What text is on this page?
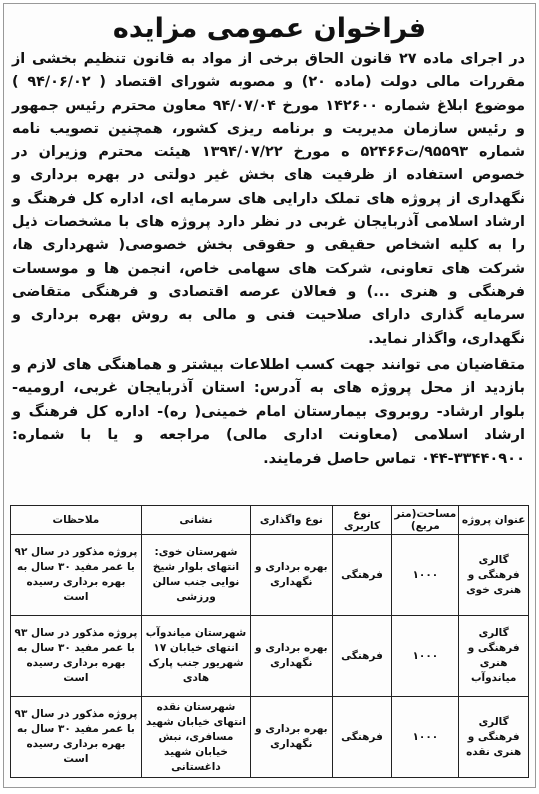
فراخوان عمومی مزایده

در اجرای ماده ۲۷ قانون الحاق برخی از مواد به قانون تنظیم بخشی از مقررات مالی دولت (ماده ۲۰) و مصوبه شورای اقتصاد ( ۹۴/۰۶/۰۲ ) موضوع ابلاغ شماره ۱۴۲۶۰۰ مورخ ۹۴/۰۷/۰۴ معاون محترم رئیس جمهور و رئیس سازمان مدیریت و برنامه ریزی کشور، همچنین تصویب نامه شماره ۹۵۵۹۳/ت۵۲۴۶۶ ه مورخ ۱۳۹۴/۰۷/۲۲ هیئت محترم وزیران در خصوص استفاده از ظرفیت های بخش غیر دولتی در بهره برداری و نگهداری از پروژه های تملک دارایی های سرمایه ای، اداره کل فرهنگ و ارشاد اسلامی آذربایجان غربی در نظر دارد پروژه های با مشخصات ذیل را به کلیه اشخاص حقیقی و حقوقی بخش خصوصی( شهرداری ها، شرکت های تعاونی، شرکت های سهامی خاص، انجمن ها و موسسات فرهنگی و هنری ...) و فعالان عرصه اقتصادی و فرهنگی متقاضی سرمایه گذاری دارای صلاحیت فنی و مالی به روش بهره برداری و نگهداری، واگذار نماید.

متقاضیان می توانند جهت کسب اطلاعات بیشتر و هماهنگی های لازم و بازدید از محل پروژه های به آدرس: استان آذربایجان غربی، ارومیه- بلوار ارشاد- روبروی بیمارستان امام خمینی( ره)- اداره کل فرهنگ و ارشاد اسلامی (معاونت اداری مالی) مراجعه و یا با شماره: ۳۳۴۴۰۹۰۰-۰۴۴ تماس حاصل فرمایند.

عنوان پروژه	مساحت(متر مربع)	نوع کاربری	نوع واگذاری	نشانی	ملاحظات
گالری فرهنگی و هنری خوی	۱۰۰۰	فرهنگی	بهره برداری و نگهداری	شهرستان خوی: انتهای بلوار شیخ نوایی جنب سالن ورزشی	پروژه مذکور در سال ۹۲ با عمر مفید ۳۰ سال به بهره برداری رسیده است
گالری فرهنگی و هنری میاندوآب	۱۰۰۰	فرهنگی	بهره برداری و نگهداری	شهرستان میاندوآب انتهای خیابان ۱۷ شهریور جنب پارک هادی	پروژه مذکور در سال ۹۳ با عمر مفید ۳۰ سال به بهره برداری رسیده است
گالری فرهنگی و هنری نقده	۱۰۰۰	فرهنگی	بهره برداری و نگهداری	شهرستان نقده انتهای خیابان شهید مسافری، نبش خیابان شهید داغستانی	پروژه مذکور در سال ۹۳ با عمر مفید ۳۰ سال به بهره برداری رسیده است
